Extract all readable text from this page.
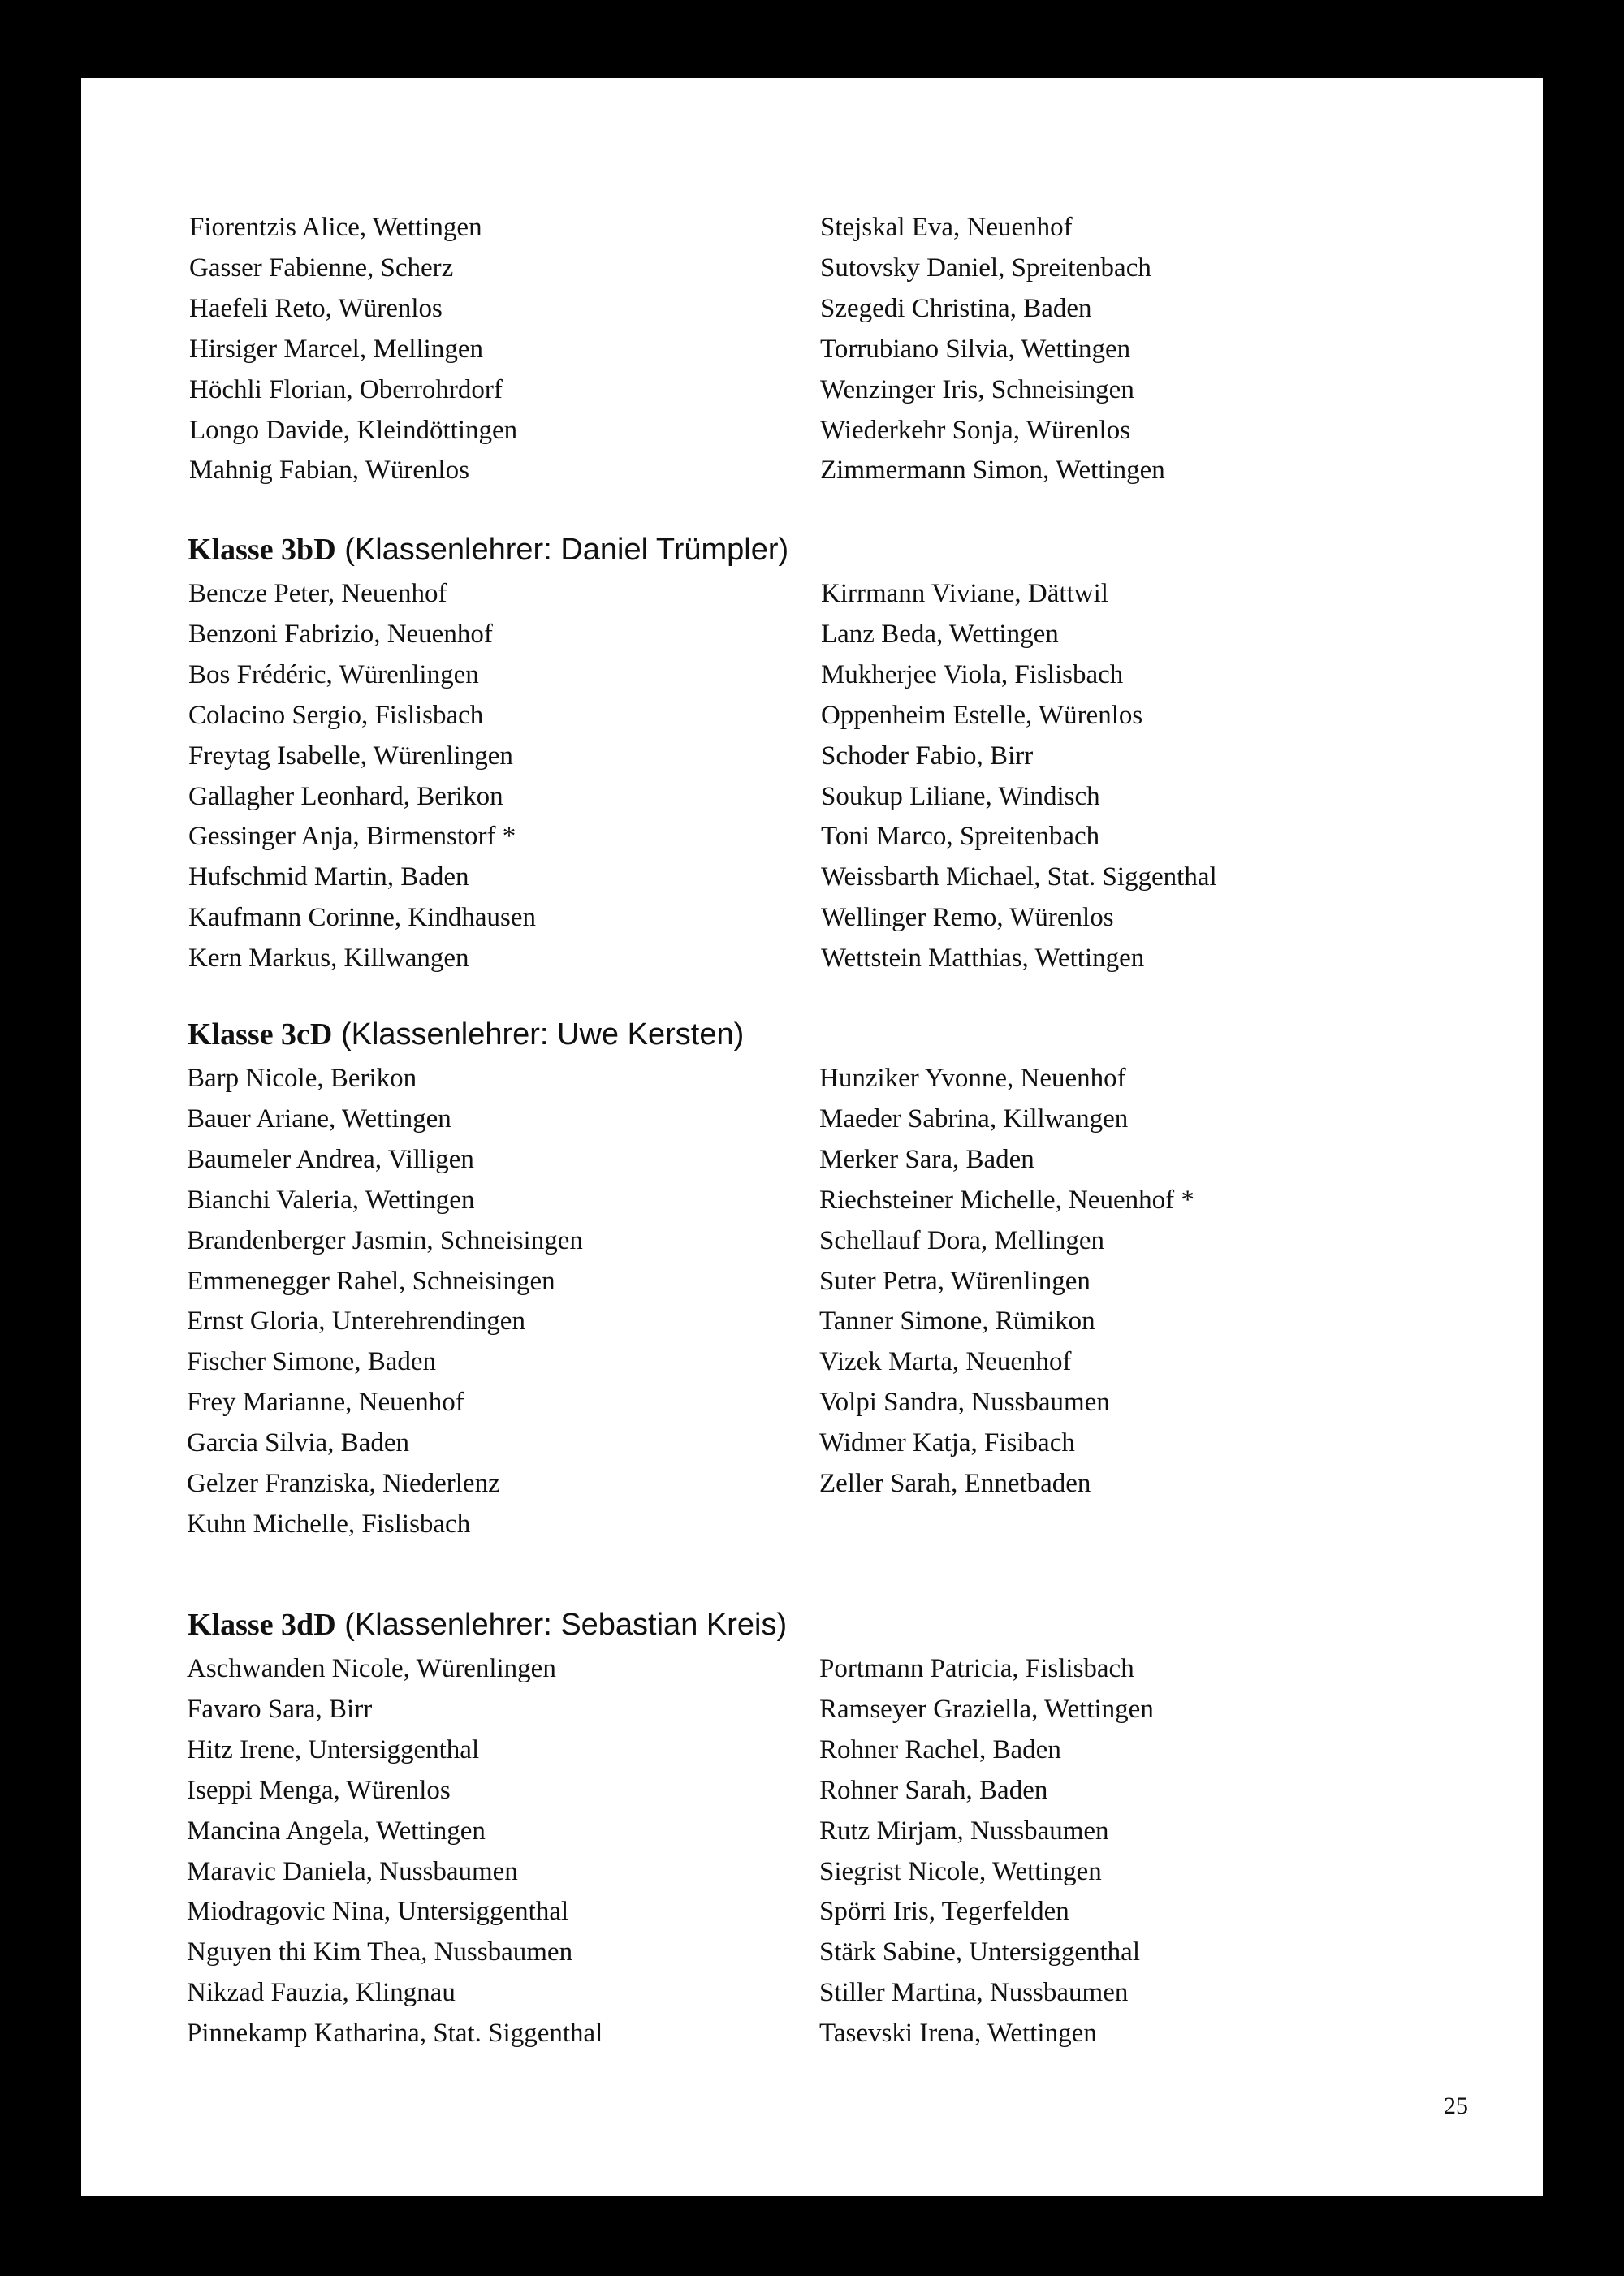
25
Fiorentzis Alice, Wettingen
Gasser Fabienne, Scherz
Haefeli Reto, Würenlos
Hirsiger Marcel, Mellingen
Höchli Florian, Oberrohrdorf
Longo Davide, Kleindöttingen
Mahnig Fabian, Würenlos
Stejskal Eva, Neuenhof
Sutovsky Daniel, Spreitenbach
Szegedi Christina, Baden
Torrubiano Silvia, Wettingen
Wenzinger Iris, Schneisingen
Wiederkehr Sonja, Würenlos
Zimmermann Simon, Wettingen
Klasse 3bD (Klassenlehrer: Daniel Trümpler)
Bencze Peter, Neuenhof
Benzoni Fabrizio, Neuenhof
Bos Frédéric, Würenlingen
Colacino Sergio, Fislisbach
Freytag Isabelle, Würenlingen
Gallagher Leonhard, Berikon
Gessinger Anja, Birmenstorf *
Hufschmid Martin, Baden
Kaufmann Corinne, Kindhausen
Kern Markus, Killwangen
Kirrmann Viviane, Dättwil
Lanz Beda, Wettingen
Mukherjee Viola, Fislisbach
Oppenheim Estelle, Würenlos
Schoder Fabio, Birr
Soukup Liliane, Windisch
Toni Marco, Spreitenbach
Weissbarth Michael, Stat. Siggenthal
Wellinger Remo, Würenlos
Wettstein Matthias, Wettingen
Klasse 3cD (Klassenlehrer: Uwe Kersten)
Barp Nicole, Berikon
Bauer Ariane, Wettingen
Baumeler Andrea, Villigen
Bianchi Valeria, Wettingen
Brandenberger Jasmin, Schneisingen
Emmenegger Rahel, Schneisingen
Ernst Gloria, Unterehrendingen
Fischer Simone, Baden
Frey Marianne, Neuenhof
Garcia Silvia, Baden
Gelzer Franziska, Niederlenz
Kuhn Michelle, Fislisbach
Hunziker Yvonne, Neuenhof
Maeder Sabrina, Killwangen
Merker Sara, Baden
Riechsteiner Michelle, Neuenhof *
Schellauf Dora, Mellingen
Suter Petra, Würenlingen
Tanner Simone, Rümikon
Vizek Marta, Neuenhof
Volpi Sandra, Nussbaumen
Widmer Katja, Fisibach
Zeller Sarah, Ennetbaden
Klasse 3dD (Klassenlehrer: Sebastian Kreis)
Aschwanden Nicole, Würenlingen
Favaro Sara, Birr
Hitz Irene, Untersiggenthal
Iseppi Menga, Würenlos
Mancina Angela, Wettingen
Maravic Daniela, Nussbaumen
Miodragovic Nina, Untersiggenthal
Nguyen thi Kim Thea, Nussbaumen
Nikzad Fauzia, Klingnau
Pinnekamp Katharina, Stat. Siggenthal
Portmann Patricia, Fislisbach
Ramseyer Graziella, Wettingen
Rohner Rachel, Baden
Rohner Sarah, Baden
Rutz Mirjam, Nussbaumen
Siegrist Nicole, Wettingen
Spörri Iris, Tegerfelden
Stärk Sabine, Untersiggenthal
Stiller Martina, Nussbaumen
Tasevski Irena, Wettingen
